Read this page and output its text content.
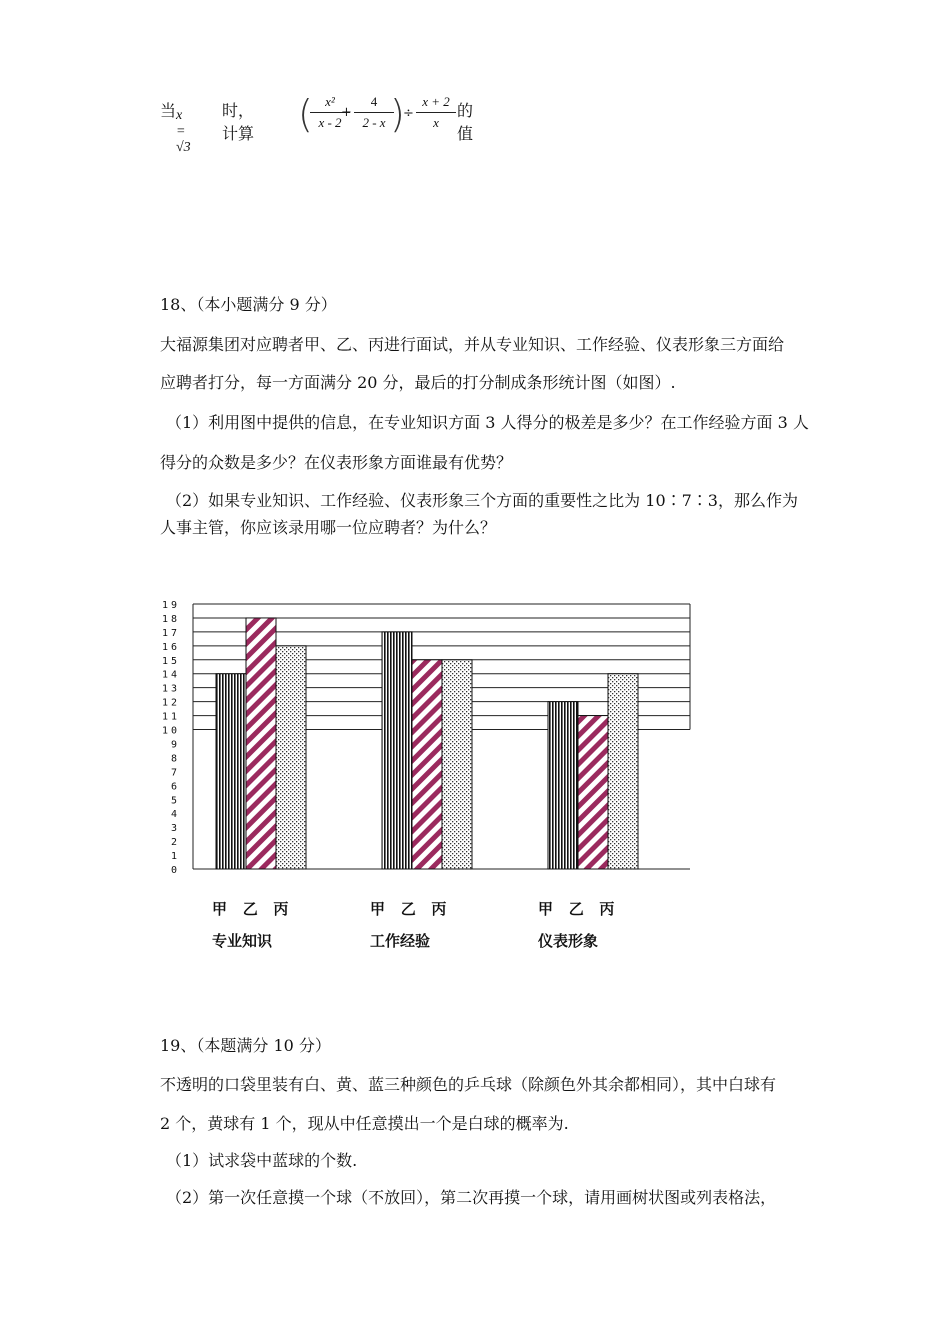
当 x = √3
时，计算 ( x²
x - 2
+
4
2 - x )
÷
x + 2
x
的值
18、（本小题满分 9 分）
大福源集团对应聘者甲、乙、丙进行面试，并从专业知识、工作经验、仪表形象三方面给
应聘者打分，每一方面满分 20 分，最后的打分制成条形统计图（如图）.
（1）利用图中提供的信息，在专业知识方面 3 人得分的极差是多少？在工作经验方面 3 人
得分的众数是多少？在仪表形象方面谁最有优势？
（2）如果专业知识、工作经验、仪表形象三个方面的重要性之比为 10∶7∶3，那么作为
人事主管，你应该录用哪一位应聘者？为什么？
0
1
2
3
4
5
6
7
8
9
10
11
12
13
14
15
16
17
18
19
甲 乙 丙	甲 乙 丙	甲 乙 丙
专业知识	工作经验	仪表形象
19、（本题满分 10 分）
不透明的口袋里装有白、黄、蓝三种颜色的乒乓球（除颜色外其余都相同），其中白球有
2 个，黄球有 1 个，现从中任意摸出一个是白球的概率为.
（1）试求袋中蓝球的个数.
（2）第一次任意摸一个球（不放回），第二次再摸一个球，请用画树状图或列表格法，
